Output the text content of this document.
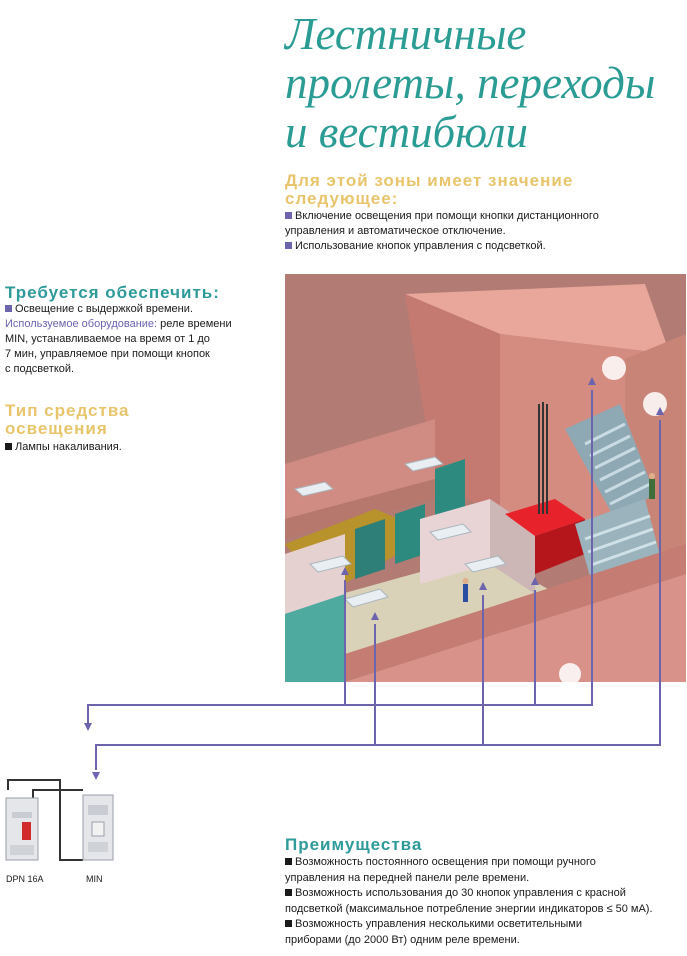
Лестничные
пролеты, переходы
и вестибюли
Для этой зоны имеет значение
следующее:
Включение освещения при помощи кнопки дистанционного
управления и автоматическое отключение.
Использование кнопок управления с подсветкой.
Требуется обеспечить:
Освещение с выдержкой времени.
Используемое оборудование: реле времени
MIN, устанавливаемое на время от 1 до
7 мин, управляемое при помощи кнопок
с подсветкой.
Тип средства
освещения
Лампы накаливания.
DPN 16A	MIN
Преимущества
Возможность постоянного освещения при помощи ручного
управления на передней панели реле времени.
Возможность использования до 30 кнопок управления с красной
подсветкой (максимальное потребление энергии индикаторов ≤ 50 мА).
Возможность управления несколькими осветительными
приборами (до 2000 Вт) одним реле времени.
